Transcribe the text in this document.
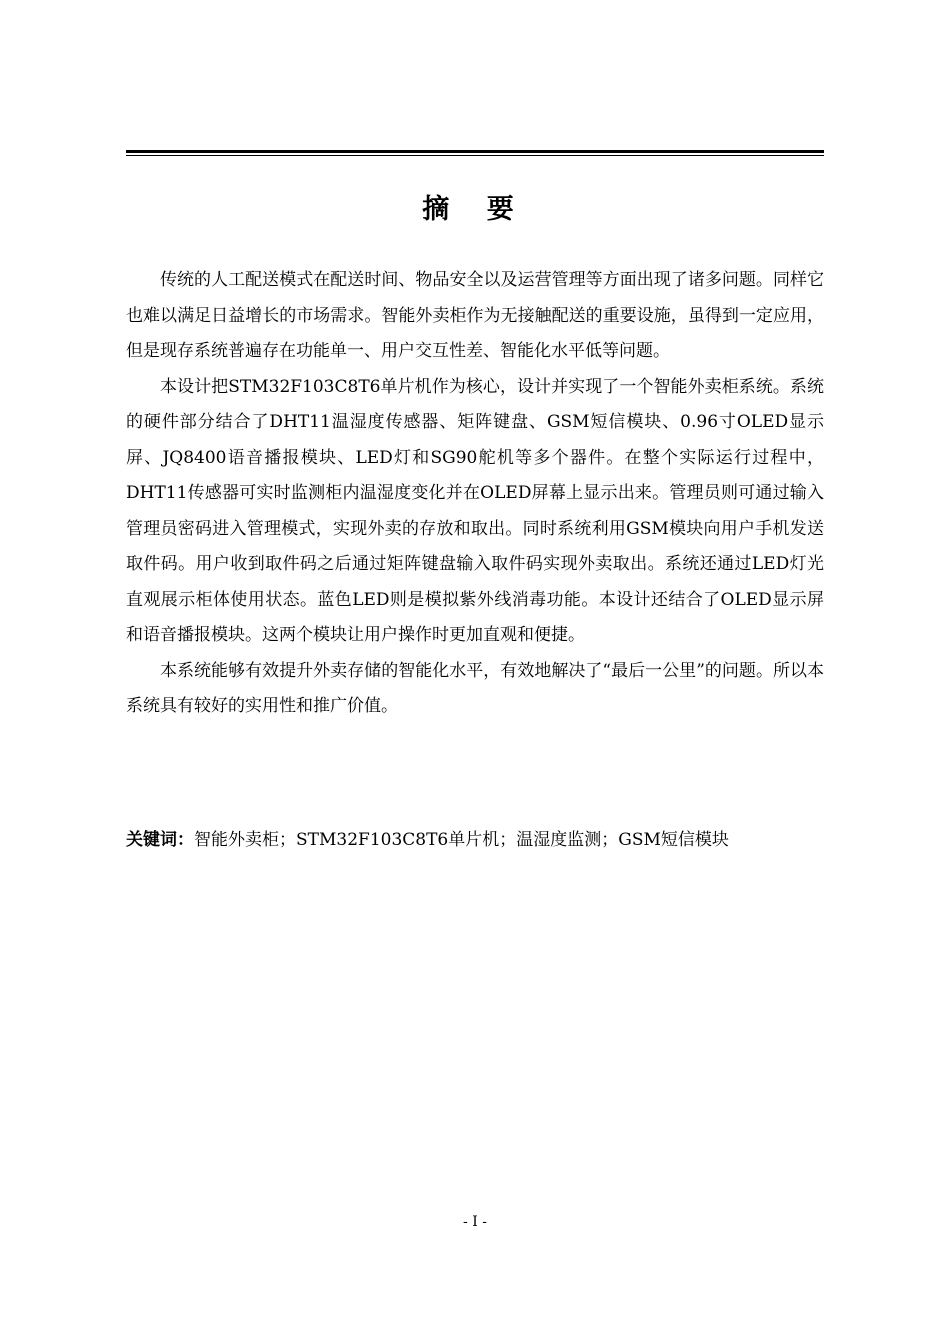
摘 要

传统的人工配送模式在配送时间、物品安全以及运营管理等方面出现了诸多问题。同样它也难以满足日益增长的市场需求。智能外卖柜作为无接触配送的重要设施，虽得到一定应用，但是现存系统普遍存在功能单一、用户交互性差、智能化水平低等问题。

本设计把STM32F103C8T6单片机作为核心，设计并实现了一个智能外卖柜系统。系统的硬件部分结合了DHT11温湿度传感器、矩阵键盘、GSM短信模块、0.96寸OLED显示屏、JQ8400语音播报模块、LED灯和SG90舵机等多个器件。在整个实际运行过程中，DHT11传感器可实时监测柜内温湿度变化并在OLED屏幕上显示出来。管理员则可通过输入管理员密码进入管理模式，实现外卖的存放和取出。同时系统利用GSM模块向用户手机发送取件码。用户收到取件码之后通过矩阵键盘输入取件码实现外卖取出。系统还通过LED灯光直观展示柜体使用状态。蓝色LED则是模拟紫外线消毒功能。本设计还结合了OLED显示屏和语音播报模块。这两个模块让用户操作时更加直观和便捷。

本系统能够有效提升外卖存储的智能化水平，有效地解决了“最后一公里”的问题。所以本系统具有较好的实用性和推广价值。

关键词：智能外卖柜；STM32F103C8T6单片机；温湿度监测；GSM短信模块
- I -
